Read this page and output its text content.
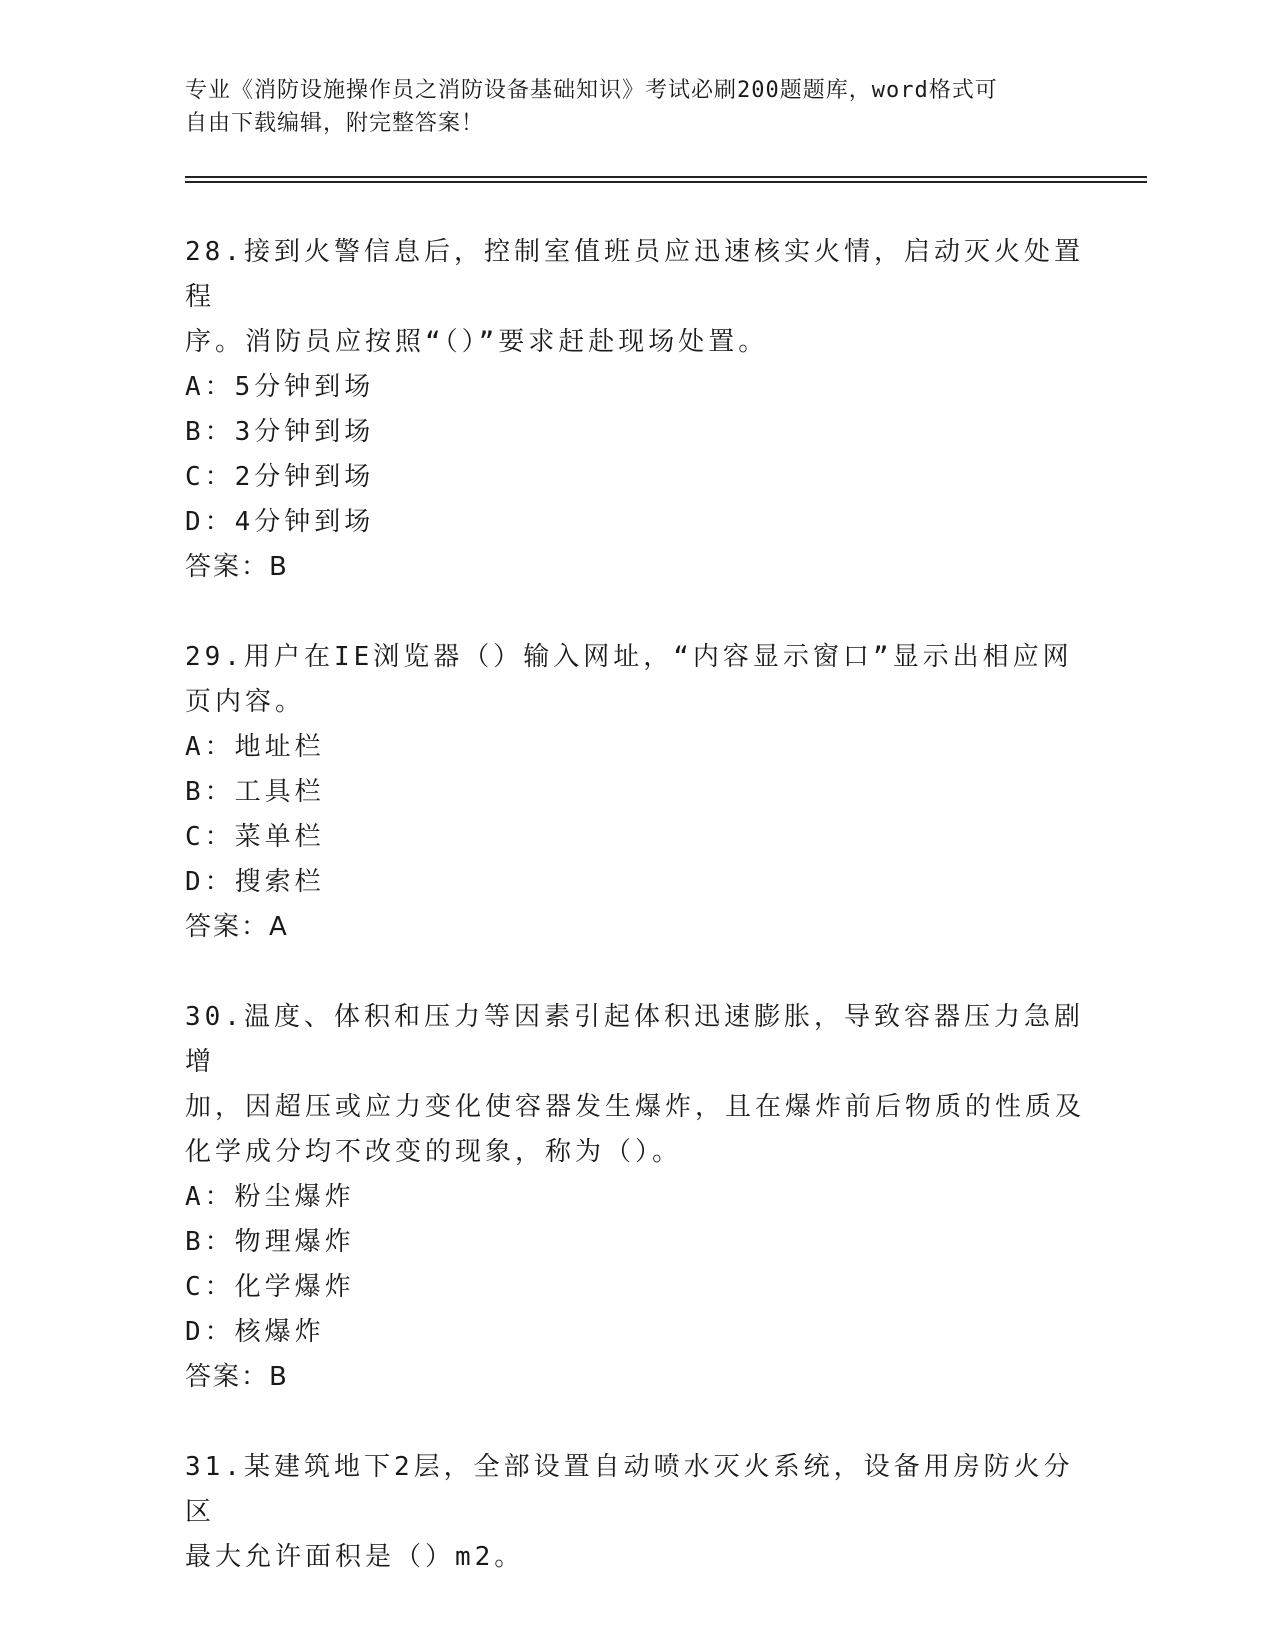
专业《消防设施操作员之消防设备基础知识》考试必刷200题题库，word格式可
自由下载编辑，附完整答案！
28.接到火警信息后，控制室值班员应迅速核实火情，启动灭火处置程
序。消防员应按照“（）”要求赶赴现场处置。
A：5分钟到场
B：3分钟到场
C：2分钟到场
D：4分钟到场
答案：B
29.用户在IE浏览器（）输入网址，“内容显示窗口”显示出相应网
页内容。
A：地址栏
B：工具栏
C：菜单栏
D：搜索栏
答案：A
30.温度、体积和压力等因素引起体积迅速膨胀，导致容器压力急剧增
加，因超压或应力变化使容器发生爆炸，且在爆炸前后物质的性质及
化学成分均不改变的现象，称为（）。
A：粉尘爆炸
B：物理爆炸
C：化学爆炸
D：核爆炸
答案：B
31.某建筑地下2层，全部设置自动喷水灭火系统，设备用房防火分区
最大允许面积是（）m2。
